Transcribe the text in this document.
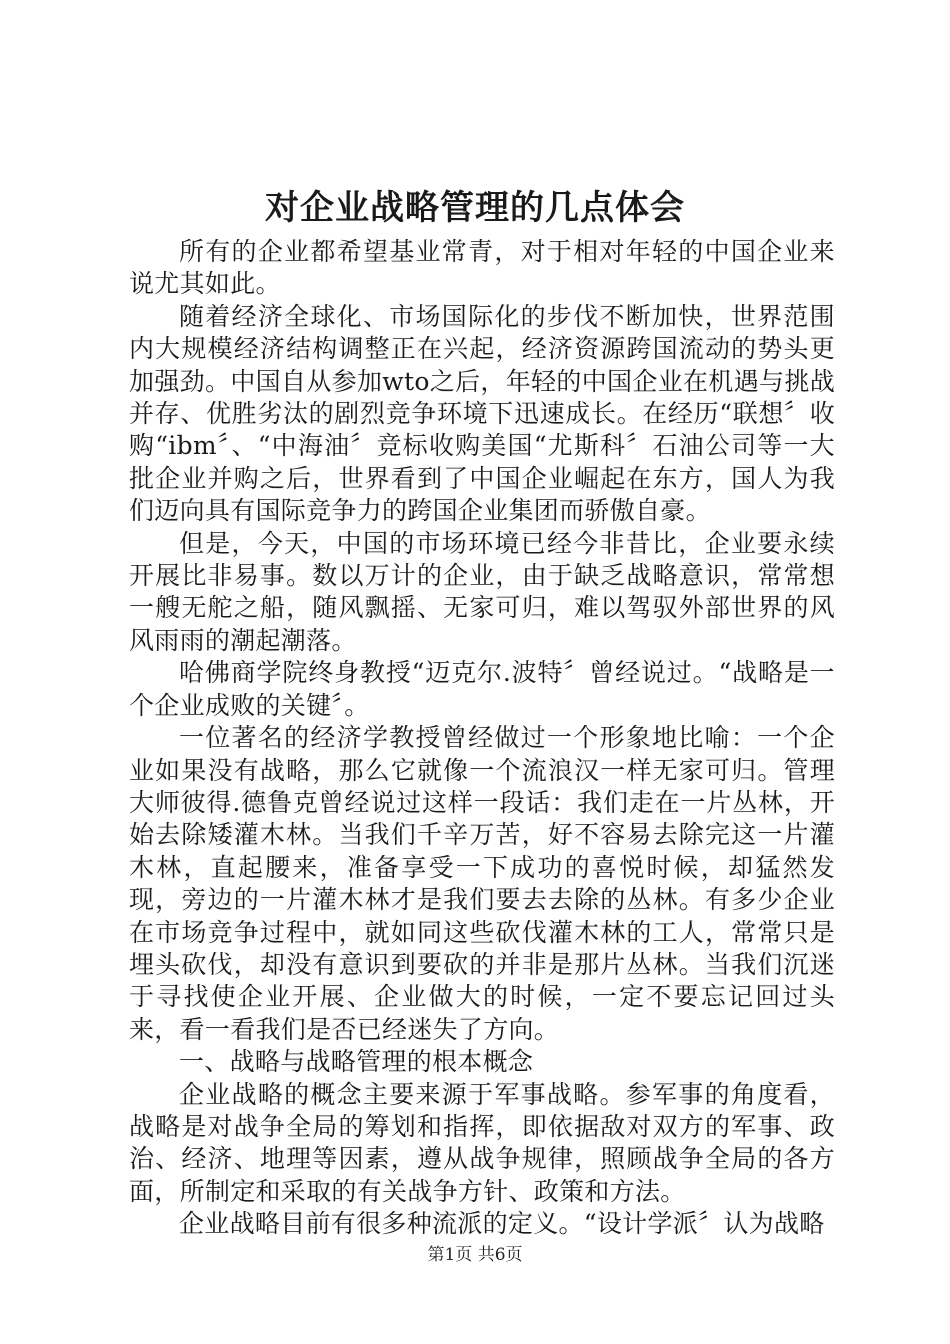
对企业战略管理的几点体会

所有的企业都希望基业常青，对于相对年轻的中国企业来说尤其如此。

随着经济全球化、市场国际化的步伐不断加快，世界范围内大规模经济结构调整正在兴起，经济资源跨国流动的势头更加强劲。中国自从参加wto之后，年轻的中国企业在机遇与挑战并存、优胜劣汰的剧烈竞争环境下迅速成长。在经历“联想〞收购“ibm〞、“中海油〞竞标收购美国“尤斯科〞石油公司等一大批企业并购之后，世界看到了中国企业崛起在东方，国人为我们迈向具有国际竞争力的跨国企业集团而骄傲自豪。

但是，今天，中国的市场环境已经今非昔比，企业要永续开展比非易事。数以万计的企业，由于缺乏战略意识，常常想一艘无舵之船，随风飘摇、无家可归，难以驾驭外部世界的风风雨雨的潮起潮落。

哈佛商学院终身教授“迈克尔.波特〞曾经说过。“战略是一个企业成败的关键〞。

一位著名的经济学教授曾经做过一个形象地比喻：一个企业如果没有战略，那么它就像一个流浪汉一样无家可归。管理大师彼得.德鲁克曾经说过这样一段话：我们走在一片丛林，开始去除矮灌木林。当我们千辛万苦，好不容易去除完这一片灌木林，直起腰来，准备享受一下成功的喜悦时候，却猛然发现，旁边的一片灌木林才是我们要去去除的丛林。有多少企业在市场竞争过程中，就如同这些砍伐灌木林的工人，常常只是埋头砍伐，却没有意识到要砍的并非是那片丛林。当我们沉迷于寻找使企业开展、企业做大的时候，一定不要忘记回过头来，看一看我们是否已经迷失了方向。

一、战略与战略管理的根本概念

企业战略的概念主要来源于军事战略。参军事的角度看，战略是对战争全局的筹划和指挥，即依据敌对双方的军事、政治、经济、地理等因素，遵从战争规律，照顾战争全局的各方面，所制定和采取的有关战争方针、政策和方法。

企业战略目前有很多种流派的定义。“设计学派〞认为战略

第1页 共6页
